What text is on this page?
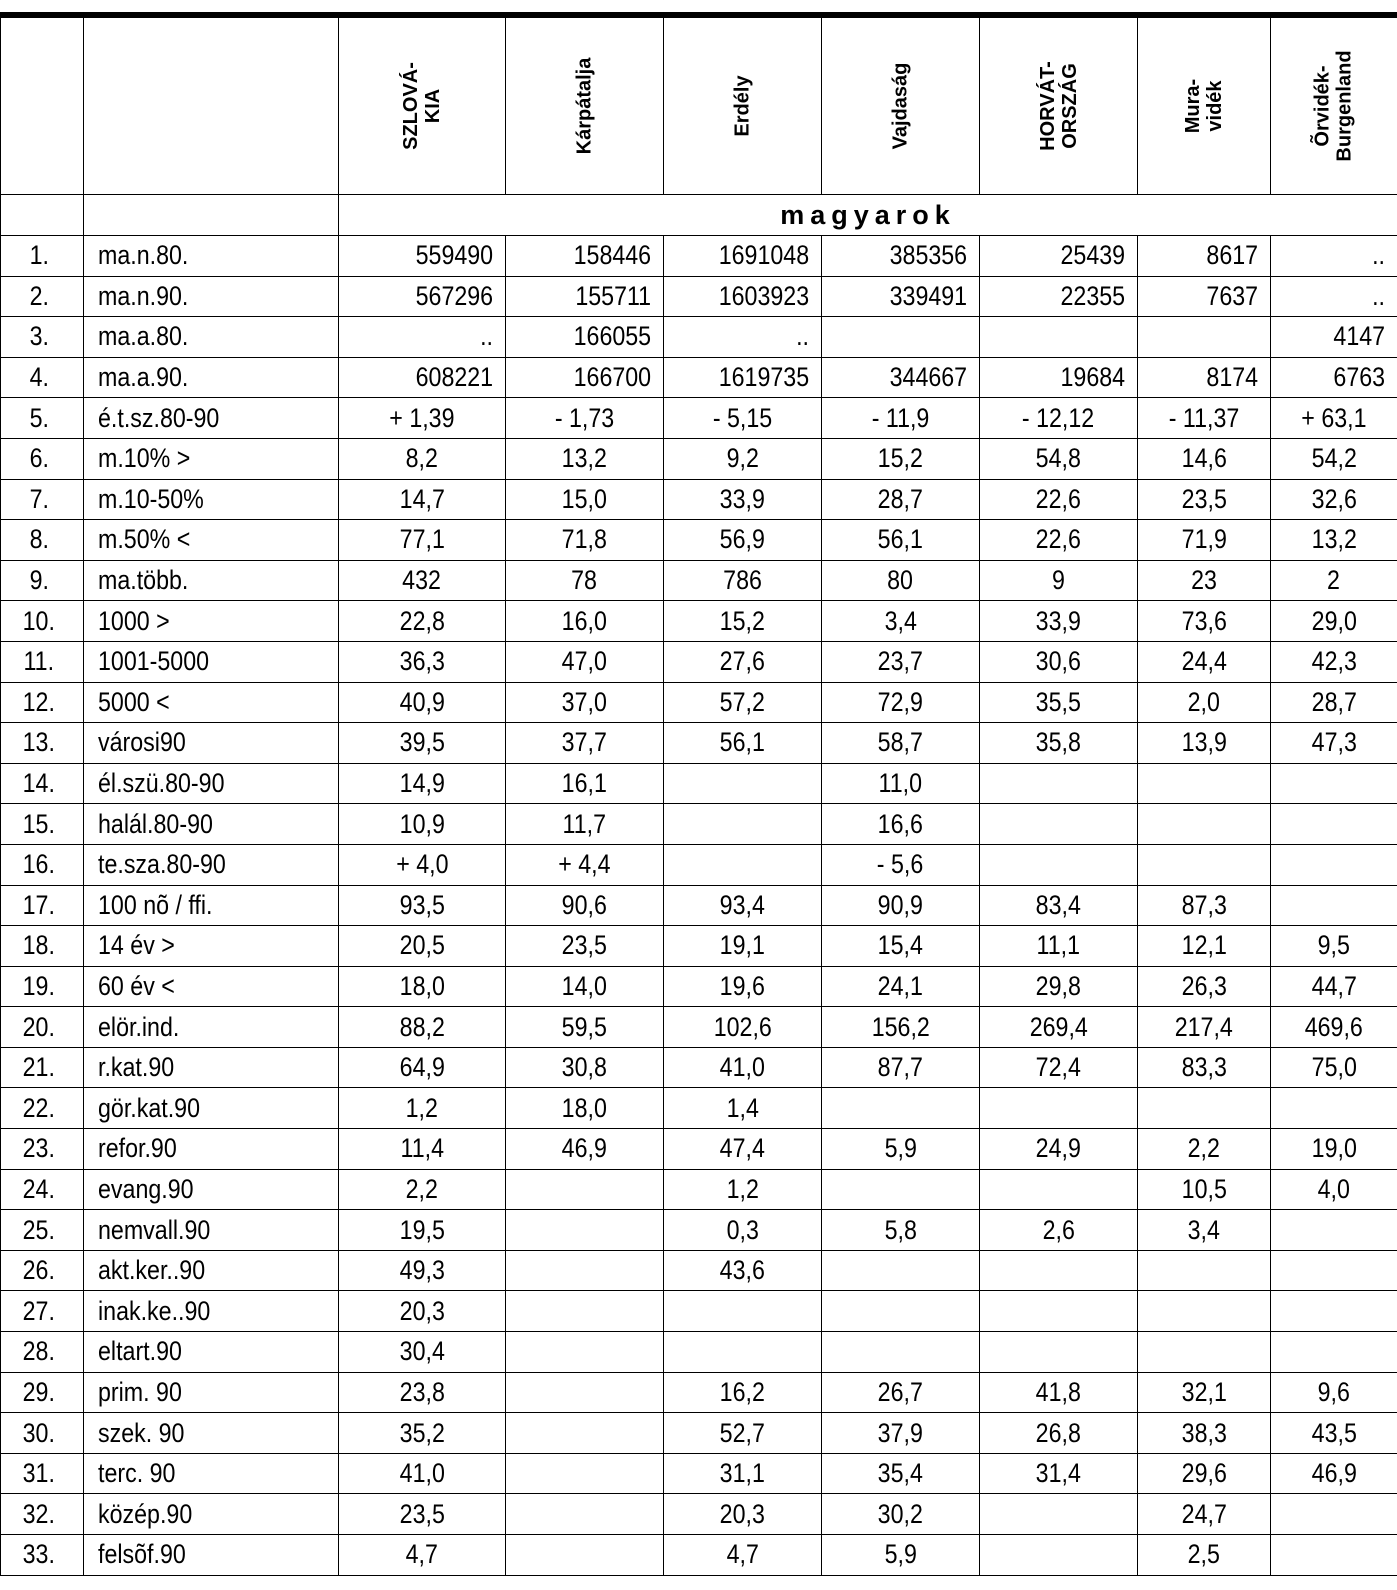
		SZLOVÁ-
KIA	Kárpátalja	Erdély	Vajdaság	HORVÁT-
ORSZÁG	Mura-
vidék	Õrvidék-
Burgenland

		magyarok						
1.	ma.n.80.	559490	158446	1691048	385356	25439	8617	..
2.	ma.n.90.	567296	155711	1603923	339491	22355	7637	..
3.	ma.a.80.	..	166055	..				4147
4.	ma.a.90.	608221	166700	1619735	344667	19684	8174	6763
5.	é.t.sz.80-90	+ 1,39	- 1,73	- 5,15	- 11,9	- 12,12	- 11,37	+ 63,1
6.	m.10% >	8,2	13,2	9,2	15,2	54,8	14,6	54,2
7.	m.10-50%	14,7	15,0	33,9	28,7	22,6	23,5	32,6
8.	m.50% <	77,1	71,8	56,9	56,1	22,6	71,9	13,2
9.	ma.több.	432	78	786	80	9	23	2
10.	1000 >	22,8	16,0	15,2	3,4	33,9	73,6	29,0
11.	1001-5000	36,3	47,0	27,6	23,7	30,6	24,4	42,3
12.	5000 <	40,9	37,0	57,2	72,9	35,5	2,0	28,7
13.	városi90	39,5	37,7	56,1	58,7	35,8	13,9	47,3
14.	él.szü.80-90	14,9	16,1		11,0			
15.	halál.80-90	10,9	11,7		16,6			
16.	te.sza.80-90	+ 4,0	+ 4,4		- 5,6			
17.	100 nõ / ffi.	93,5	90,6	93,4	90,9	83,4	87,3	
18.	14 év >	20,5	23,5	19,1	15,4	11,1	12,1	9,5
19.	60 év <	18,0	14,0	19,6	24,1	29,8	26,3	44,7
20.	elör.ind.	88,2	59,5	102,6	156,2	269,4	217,4	469,6
21.	r.kat.90	64,9	30,8	41,0	87,7	72,4	83,3	75,0
22.	gör.kat.90	1,2	18,0	1,4				
23.	refor.90	11,4	46,9	47,4	5,9	24,9	2,2	19,0
24.	evang.90	2,2		1,2			10,5	4,0
25.	nemvall.90	19,5		0,3	5,8	2,6	3,4	
26.	akt.ker..90	49,3		43,6				
27.	inak.ke..90	20,3						
28.	eltart.90	30,4						
29.	prim. 90	23,8		16,2	26,7	41,8	32,1	9,6
30.	szek. 90	35,2		52,7	37,9	26,8	38,3	43,5
31.	terc. 90	41,0		31,1	35,4	31,4	29,6	46,9
32.	közép.90	23,5		20,3	30,2		24,7	
33.	felsõf.90	4,7		4,7	5,9		2,5	
